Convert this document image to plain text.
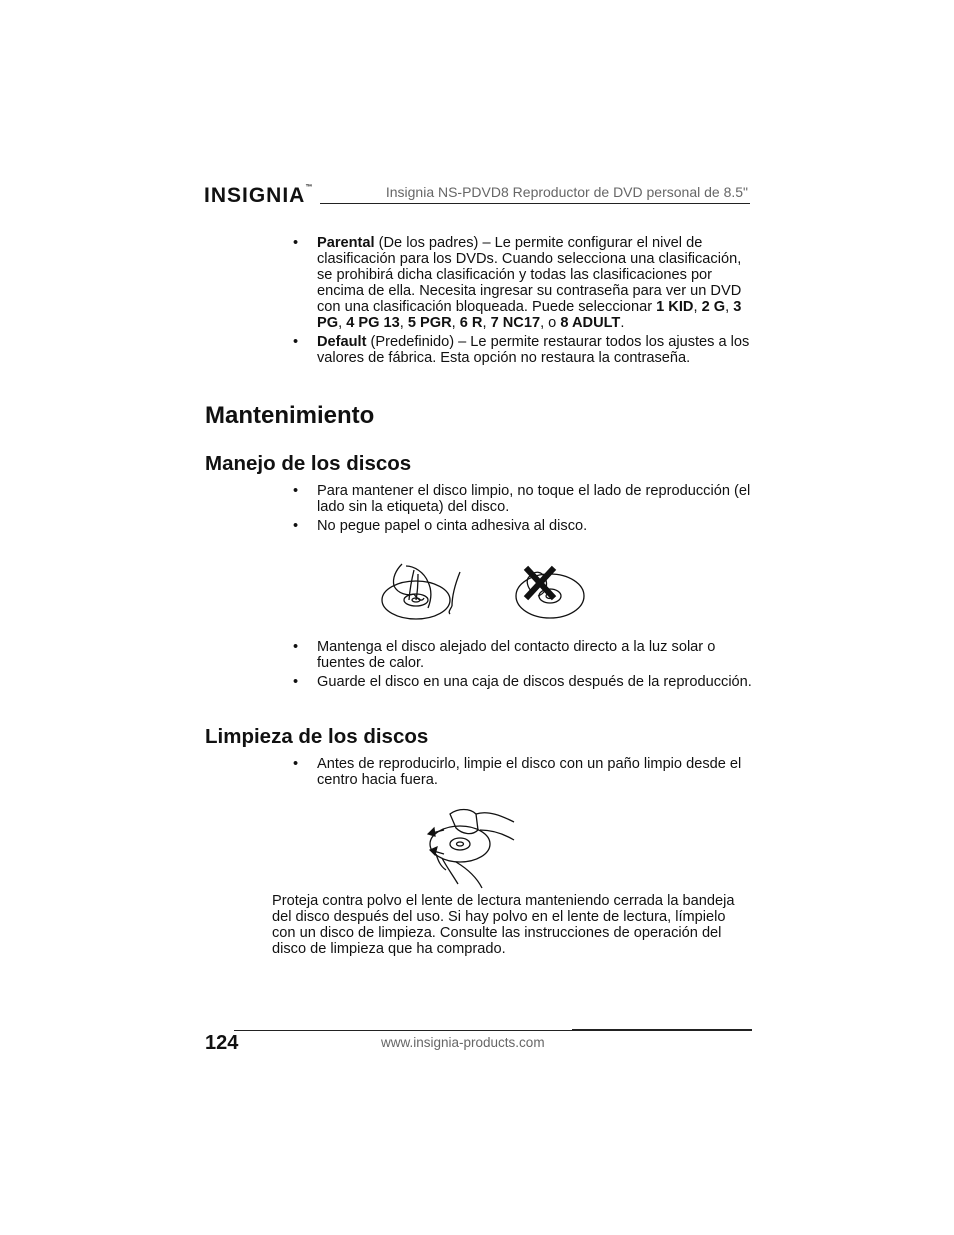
INSIGNIA™	Insignia NS-PDVD8 Reproductor de DVD personal de 8.5"
• Parental (De los padres) – Le permite configurar el nivel de clasificación para los DVDs. Cuando selecciona una clasificación, se prohibirá dicha clasificación y todas las clasificaciones por encima de ella. Necesita ingresar su contraseña para ver un DVD con una clasificación bloqueada. Puede seleccionar 1 KID, 2 G, 3 PG, 4 PG 13, 5 PGR, 6 R, 7 NC17, o 8 ADULT.
• Default (Predefinido) – Le permite restaurar todos los ajustes a los valores de fábrica. Esta opción no restaura la contraseña.
Mantenimiento
Manejo de los discos
• Para mantener el disco limpio, no toque el lado de reproducción (el lado sin la etiqueta) del disco.
• No pegue papel o cinta adhesiva al disco.
• Mantenga el disco alejado del contacto directo a la luz solar o fuentes de calor.
• Guarde el disco en una caja de discos después de la reproducción.
Limpieza de los discos
• Antes de reproducirlo, limpie el disco con un paño limpio desde el centro hacia fuera.
Proteja contra polvo el lente de lectura manteniendo cerrada la bandeja del disco después del uso. Si hay polvo en el lente de lectura, límpielo con un disco de limpieza. Consulte las instrucciones de operación del disco de limpieza que ha comprado.
124	www.insignia-products.com
